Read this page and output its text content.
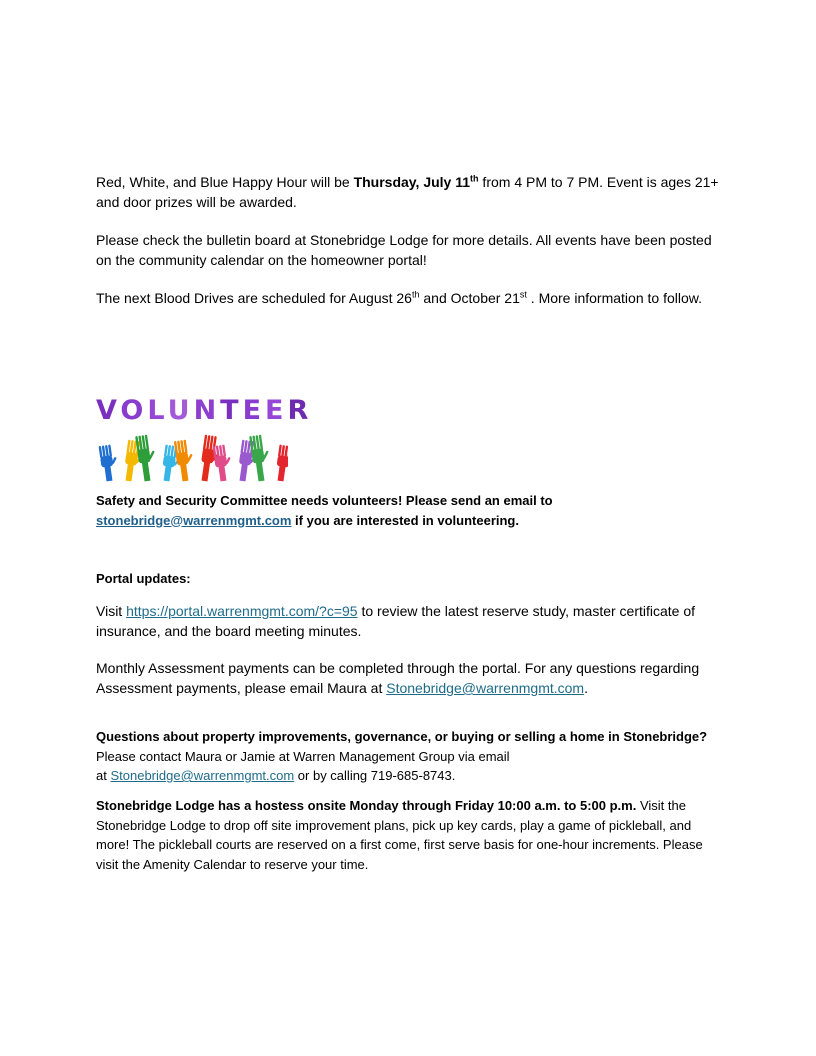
Red, White, and Blue Happy Hour will be Thursday, July 11th from 4 PM to 7 PM. Event is ages 21+ and door prizes will be awarded.

Please check the bulletin board at Stonebridge Lodge for more details. All events have been posted on the community calendar on the homeowner portal!

The next Blood Drives are scheduled for August 26th and October 21st . More information to follow.

VOLUNTEER

Safety and Security Committee needs volunteers! Please send an email to
stonebridge@warrenmgmt.com if you are interested in volunteering.

Portal updates:

Visit https://portal.warrenmgmt.com/?c=95 to review the latest reserve study, master certificate of insurance, and the board meeting minutes.

Monthly Assessment payments can be completed through the portal. For any questions regarding Assessment payments, please email Maura at Stonebridge@warrenmgmt.com.

Questions about property improvements, governance, or buying or selling a home in Stonebridge?
Please contact Maura or Jamie at Warren Management Group via email
at Stonebridge@warrenmgmt.com or by calling 719-685-8743.

Stonebridge Lodge has a hostess onsite Monday through Friday 10:00 a.m. to 5:00 p.m. Visit the Stonebridge Lodge to drop off site improvement plans, pick up key cards, play a game of pickleball, and more! The pickleball courts are reserved on a first come, first serve basis for one-hour increments. Please visit the Amenity Calendar to reserve your time.
